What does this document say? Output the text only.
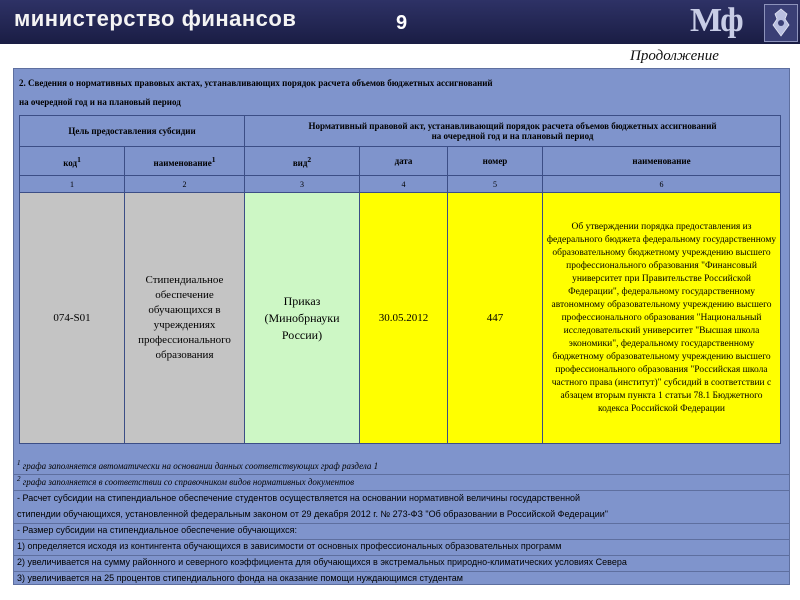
министерство финансов	9	Мф
Продолжение
2. Сведения о нормативных правовых актах, устанавливающих порядок расчета объемов бюджетных ассигнований
на очередной год и на плановый период
Цель предоставления субсидии		Нормативный правовой акт, устанавливающий порядок расчета объемов бюджетных ассигнований
на очередной год и на плановый период			

код$^1$	наименование$^1$	вид$^2$	дата	номер	наименование
1	2	3	4	5	6
074-S01	Стипендиальное обеспечение обучающихся в учреждениях профессионального образования	Приказ (Минобрнауки России)	30.05.2012	447	Об утверждении порядка предоставления из федерального бюджета федеральному государственному образовательному бюджетному учреждению высшего профессионального образования "Финансовый университет при Правительстве Российской Федерации", федеральному государственному автономному образовательному учреждению высшего профессионального образования "Национальный исследовательский университет "Высшая школа экономики", федеральному государственному бюджетному образовательному учреждению высшего профессионального образования "Российская школа частного права (институт)" субсидий в соответствии с абзацем вторым пункта 1 статьи 78.1 Бюджетного кодекса Российской Федерации
$^1$ графа заполняется автоматически на основании данных соответствующих граф раздела 1
$^2$ графа заполняется в соответствии со справочником видов нормативных документов
- Расчет субсидии на стипендиальное обеспечение студентов осуществляется на основании нормативной величины государственной
стипендии обучающихся, установленной федеральным законом от 29 декабря 2012 г. № 273-ФЗ "Об образовании в Российской Федерации"
- Размер субсидии на стипендиальное обеспечение обучающихся:
1) определяется исходя из контингента обучающихся в зависимости от основных профессиональных образовательных программ
2) увеличивается на сумму районного и северного коэффициента для обучающихся в экстремальных природно-климатических условиях Севера
3) увеличивается на 25 процентов стипендиального фонда на оказание помощи нуждающимся студентам
